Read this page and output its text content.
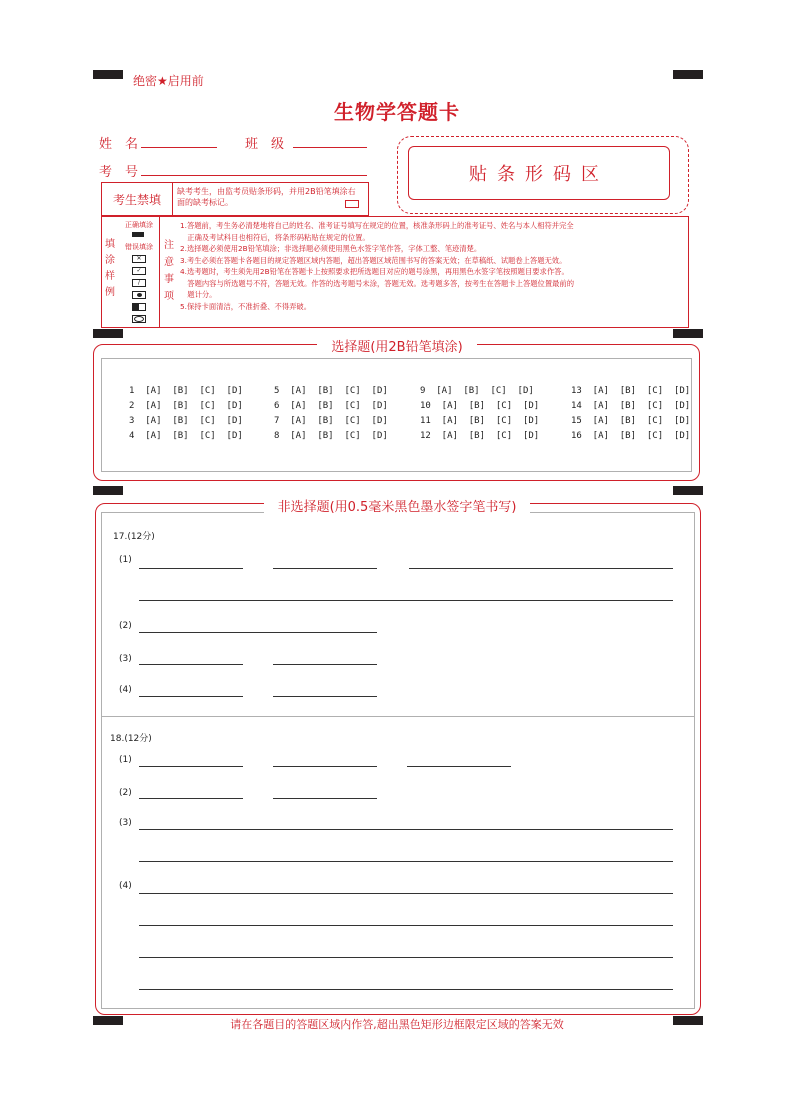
绝密★启用前
生物学答题卡
姓　名	班　级
考　号	贴条形码区
考生禁填
缺考考生，由监考员贴条形码，并用2B铅笔填涂右
面的缺考标记。
填
涂
样
例
正确填涂
错误填涂
✕
✓
/
注
意
事
项
1.答题前，考生务必清楚地将自己的姓名、准考证号填写在规定的位置，核准条形码上的准考证号、姓名与本人相符并完全
　正确及考试科目也相符后，将条形码粘贴在规定的位置。
2.选择题必须使用2B铅笔填涂；非选择题必须使用黑色水签字笔作答，字体工整、笔迹清楚。
3.考生必须在答题卡各题目的规定答题区域内答题，超出答题区域范围书写的答案无效；在草稿纸、试题卷上答题无效。
4.选考题时，考生须先用2B铅笔在答题卡上按照要求把所选题目对应的题号涂黑，再用黑色水签字笔按照题目要求作答。
　答题内容与所选题号不符，答题无效。作答的选考题号未涂，答题无效。选考题多答，按考生在答题卡上答题位置最前的
　题计分。
5.保持卡面清洁，不准折叠、不得弄破。
选择题(用2B铅笔填涂)
1  [A]  [B]  [C]  [D]
2  [A]  [B]  [C]  [D]
3  [A]  [B]  [C]  [D]
4  [A]  [B]  [C]  [D]
5  [A]  [B]  [C]  [D]
6  [A]  [B]  [C]  [D]
7  [A]  [B]  [C]  [D]
8  [A]  [B]  [C]  [D]
9  [A]  [B]  [C]  [D]
10  [A]  [B]  [C]  [D]
11  [A]  [B]  [C]  [D]
12  [A]  [B]  [C]  [D]
13  [A]  [B]  [C]  [D]
14  [A]  [B]  [C]  [D]
15  [A]  [B]  [C]  [D]
16  [A]  [B]  [C]  [D]
非选择题(用0.5毫米黑色墨水签字笔书写)
17.(12分)
(1)
(2)
(3)
(4)
18.(12分)
(1)
(2)
(3)
(4)
请在各题目的答题区域内作答,超出黑色矩形边框限定区域的答案无效
